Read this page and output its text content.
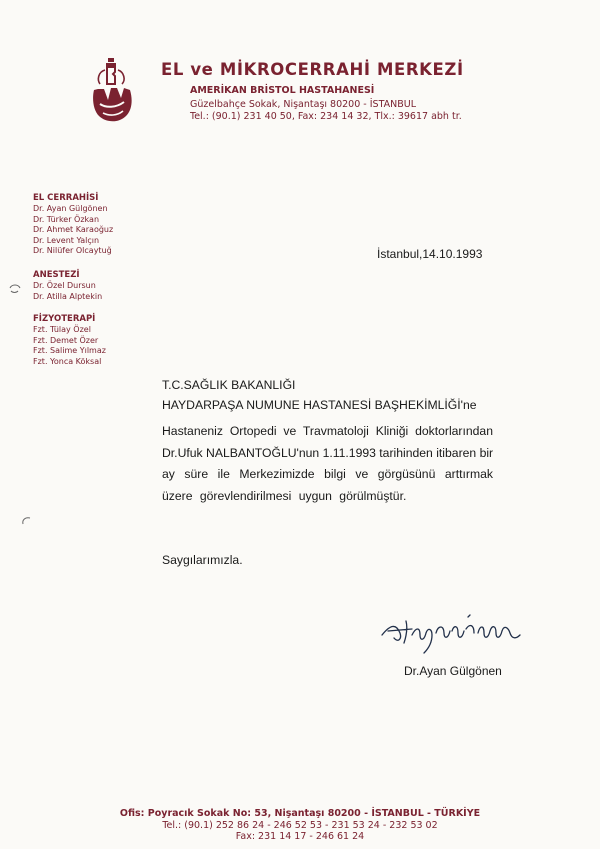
EL ve MİKROCERRAHİ MERKEZİ
AMERİKAN BRİSTOL HASTAHANESİ
Güzelbahçe Sokak, Nişantaşı 80200 - İSTANBUL
Tel.: (90.1) 231 40 50, Fax: 234 14 32, Tlx.: 39617 abh tr.
EL CERRAHİSİ
Dr. Ayan Gülgönen
Dr. Türker Özkan
Dr. Ahmet Karaoğuz
Dr. Levent Yalçın
Dr. Nilüfer Olcaytuğ
ANESTEZİ
Dr. Özel Dursun
Dr. Atilla Alptekin
FİZYOTERAPİ
Fzt. Tülay Özel
Fzt. Demet Özer
Fzt. Salime Yılmaz
Fzt. Yonca Köksal
İstanbul,14.10.1993
T.C.SAĞLIK BAKANLIĞI
HAYDARPAŞA NUMUNE HASTANESİ BAŞHEKİMLİĞİ'ne
Hastaneniz Ortopedi ve Travmatoloji Kliniği doktorlarından
Dr.Ufuk NALBANTOĞLU'nun 1.11.1993 tarihinden itibaren bir
ay süre ile Merkezimizde bilgi ve görgüsünü arttırmak
üzere görevlendirilmesi uygun görülmüştür.
Saygılarımızla.
Dr.Ayan Gülgönen
Ofis: Poyracık Sokak No: 53, Nişantaşı 80200 - İSTANBUL - TÜRKİYE
Tel.: (90.1) 252 86 24 - 246 52 53 - 231 53 24 - 232 53 02
Fax: 231 14 17 - 246 61 24
